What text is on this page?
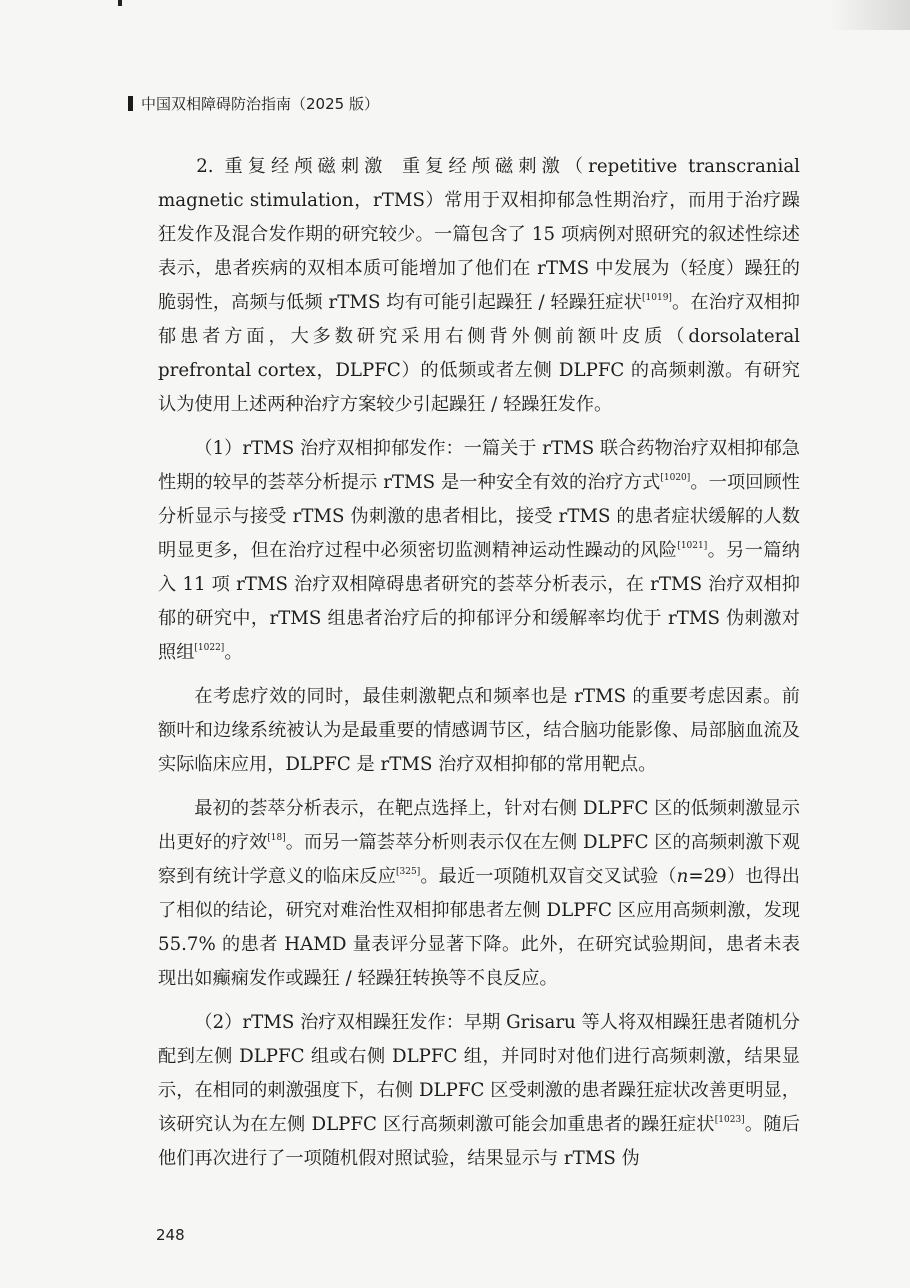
中国双相障碍防治指南（2025 版）

2. 重复经颅磁刺激 重复经颅磁刺激（repetitive transcranial magnetic stimulation，rTMS）常用于双相抑郁急性期治疗，而用于治疗躁狂发作及混合发作期的研究较少。一篇包含了 15 项病例对照研究的叙述性综述表示，患者疾病的双相本质可能增加了他们在 rTMS 中发展为（轻度）躁狂的脆弱性，高频与低频 rTMS 均有可能引起躁狂 / 轻躁狂症状[1019]。在治疗双相抑郁患者方面，大多数研究采用右侧背外侧前额叶皮质（dorsolateral prefrontal cortex，DLPFC）的低频或者左侧 DLPFC 的高频刺激。有研究认为使用上述两种治疗方案较少引起躁狂 / 轻躁狂发作。

（1）rTMS 治疗双相抑郁发作：一篇关于 rTMS 联合药物治疗双相抑郁急性期的较早的荟萃分析提示 rTMS 是一种安全有效的治疗方式[1020]。一项回顾性分析显示与接受 rTMS 伪刺激的患者相比，接受 rTMS 的患者症状缓解的人数明显更多，但在治疗过程中必须密切监测精神运动性躁动的风险[1021]。另一篇纳入 11 项 rTMS 治疗双相障碍患者研究的荟萃分析表示，在 rTMS 治疗双相抑郁的研究中，rTMS 组患者治疗后的抑郁评分和缓解率均优于 rTMS 伪刺激对照组[1022]。

在考虑疗效的同时，最佳刺激靶点和频率也是 rTMS 的重要考虑因素。前额叶和边缘系统被认为是最重要的情感调节区，结合脑功能影像、局部脑血流及实际临床应用，DLPFC 是 rTMS 治疗双相抑郁的常用靶点。

最初的荟萃分析表示，在靶点选择上，针对右侧 DLPFC 区的低频刺激显示出更好的疗效[18]。而另一篇荟萃分析则表示仅在左侧 DLPFC 区的高频刺激下观察到有统计学意义的临床反应[325]。最近一项随机双盲交叉试验（n=29）也得出了相似的结论，研究对难治性双相抑郁患者左侧 DLPFC 区应用高频刺激，发现 55.7% 的患者 HAMD 量表评分显著下降。此外，在研究试验期间，患者未表现出如癫痫发作或躁狂 / 轻躁狂转换等不良反应。

（2）rTMS 治疗双相躁狂发作：早期 Grisaru 等人将双相躁狂患者随机分配到左侧 DLPFC 组或右侧 DLPFC 组，并同时对他们进行高频刺激，结果显示，在相同的刺激强度下，右侧 DLPFC 区受刺激的患者躁狂症状改善更明显，该研究认为在左侧 DLPFC 区行高频刺激可能会加重患者的躁狂症状[1023]。随后他们再次进行了一项随机假对照试验，结果显示与 rTMS 伪

248
